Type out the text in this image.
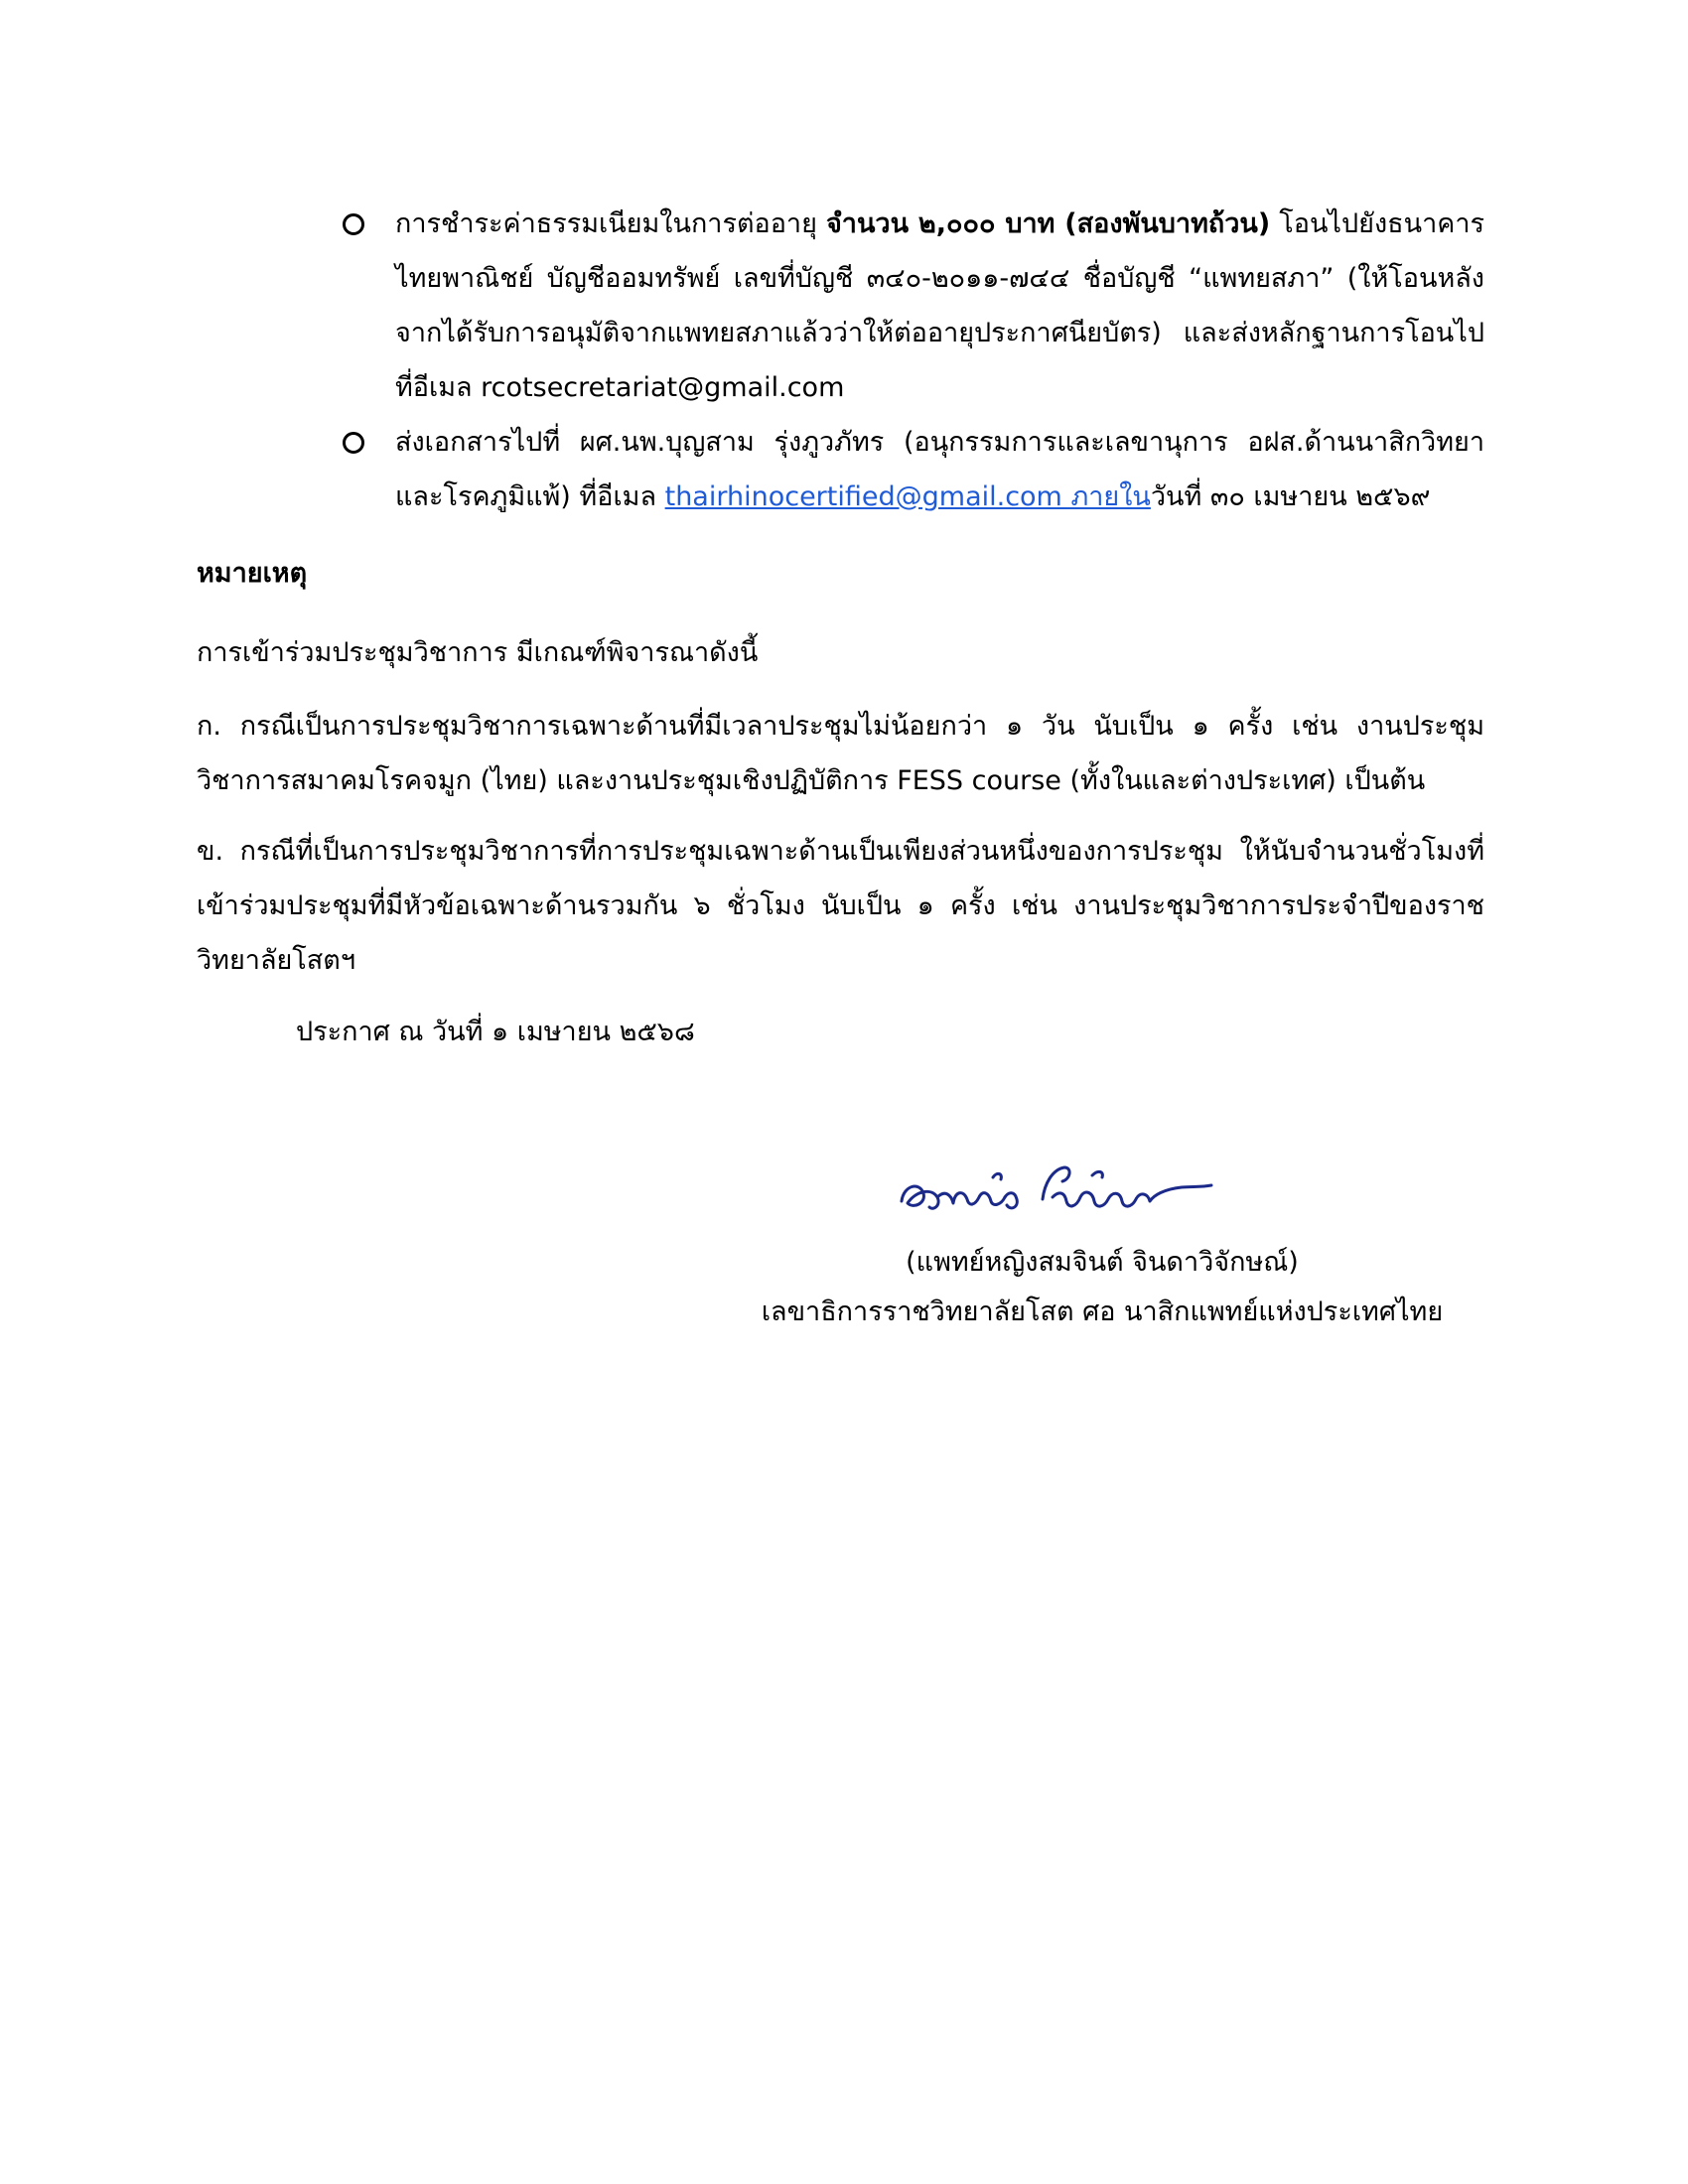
การชำระค่าธรรมเนียมในการต่ออายุ จำนวน ๒,๐๐๐ บาท (สองพันบาทถ้วน) โอนไปยังธนาคารไทยพาณิชย์ บัญชีออมทรัพย์ เลขที่บัญชี ๓๔๐-๒๐๑๑-๗๔๔ ชื่อบัญชี “แพทยสภา” (ให้โอนหลังจากได้รับการอนุมัติจากแพทยสภาแล้วว่าให้ต่ออายุประกาศนียบัตร) และส่งหลักฐานการโอนไปที่อีเมล rcotsecretariat@gmail.com
ส่งเอกสารไปที่ ผศ.นพ.บุญสาม รุ่งภูวภัทร (อนุกรรมการและเลขานุการ อฝส.ด้านนาสิกวิทยาและโรคภูมิแพ้) ที่อีเมล thairhinocertified@gmail.com ภายในวันที่ ๓๐ เมษายน ๒๕๖๙
หมายเหตุ

การเข้าร่วมประชุมวิชาการ มีเกณฑ์พิจารณาดังนี้

ก. กรณีเป็นการประชุมวิชาการเฉพาะด้านที่มีเวลาประชุมไม่น้อยกว่า ๑ วัน นับเป็น ๑ ครั้ง เช่น งานประชุมวิชาการสมาคมโรคจมูก (ไทย) และงานประชุมเชิงปฏิบัติการ FESS course (ทั้งในและต่างประเทศ) เป็นต้น

ข. กรณีที่เป็นการประชุมวิชาการที่การประชุมเฉพาะด้านเป็นเพียงส่วนหนึ่งของการประชุม ให้นับจำนวนชั่วโมงที่เข้าร่วมประชุมที่มีหัวข้อเฉพาะด้านรวมกัน ๖ ชั่วโมง นับเป็น ๑ ครั้ง เช่น งานประชุมวิชาการประจำปีของราชวิทยาลัยโสตฯ

ประกาศ ณ วันที่ ๑ เมษายน ๒๕๖๘
(แพทย์หญิงสมจินต์ จินดาวิจักษณ์)
เลขาธิการราชวิทยาลัยโสต ศอ นาสิกแพทย์แห่งประเทศไทย
